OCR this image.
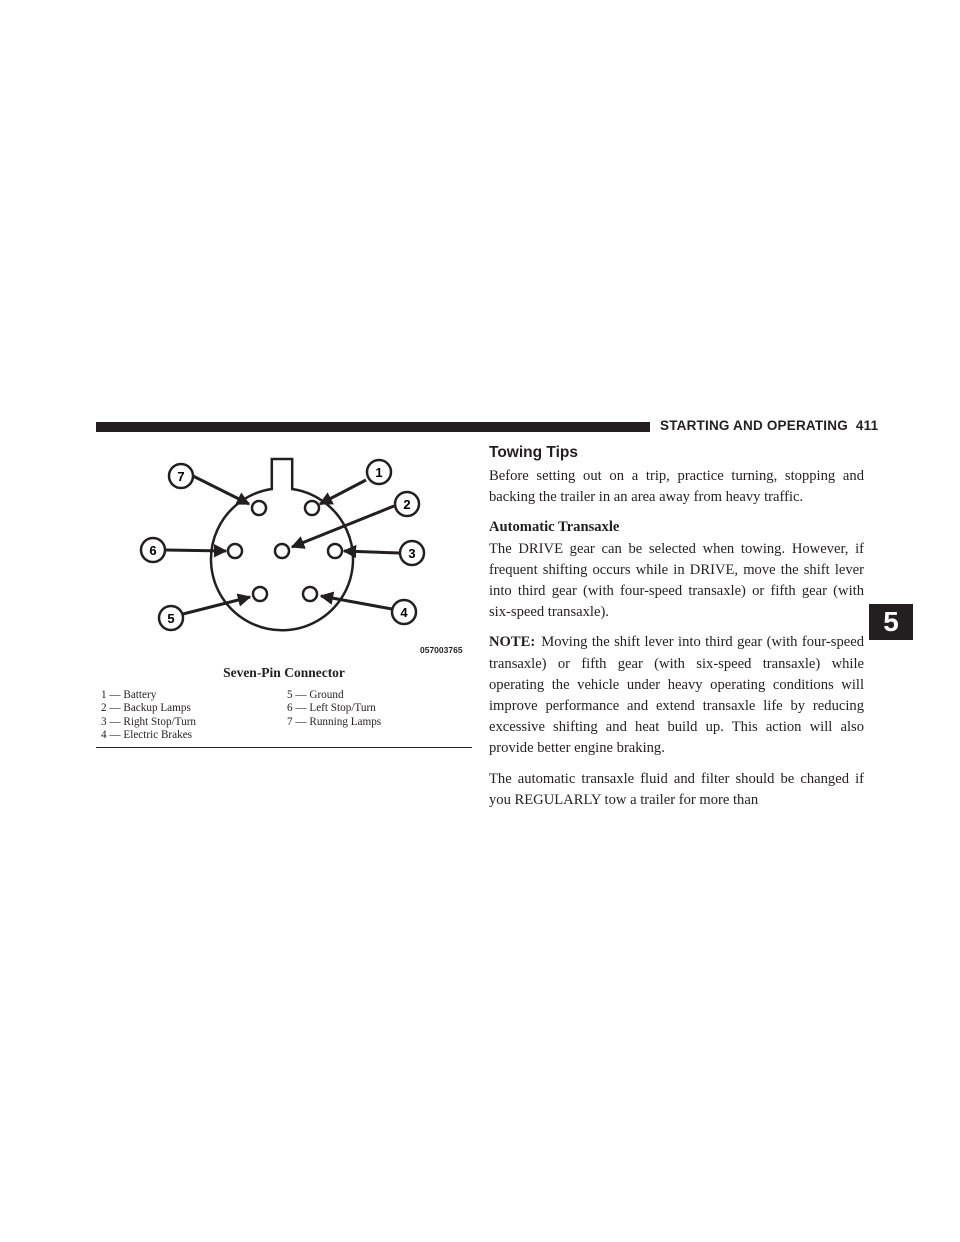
STARTING AND OPERATING 411
5
1
2
3
4
5
6
7
057003765
Seven-Pin Connector
1 — Battery
2 — Backup Lamps
3 — Right Stop/Turn
4 — Electric Brakes
5 — Ground
6 — Left Stop/Turn
7 — Running Lamps
Towing Tips

Before setting out on a trip, practice turning, stopping and backing the trailer in an area away from heavy traffic.

Automatic Transaxle

The DRIVE gear can be selected when towing. However, if frequent shifting occurs while in DRIVE, move the shift lever into third gear (with four-speed transaxle) or fifth gear (with six-speed transaxle).

NOTE: Moving the shift lever into third gear (with four-speed transaxle) or fifth gear (with six-speed transaxle) while operating the vehicle under heavy operating conditions will improve performance and extend transaxle life by reducing excessive shifting and heat build up. This action will also provide better engine braking.

The automatic transaxle fluid and filter should be changed if you REGULARLY tow a trailer for more than
